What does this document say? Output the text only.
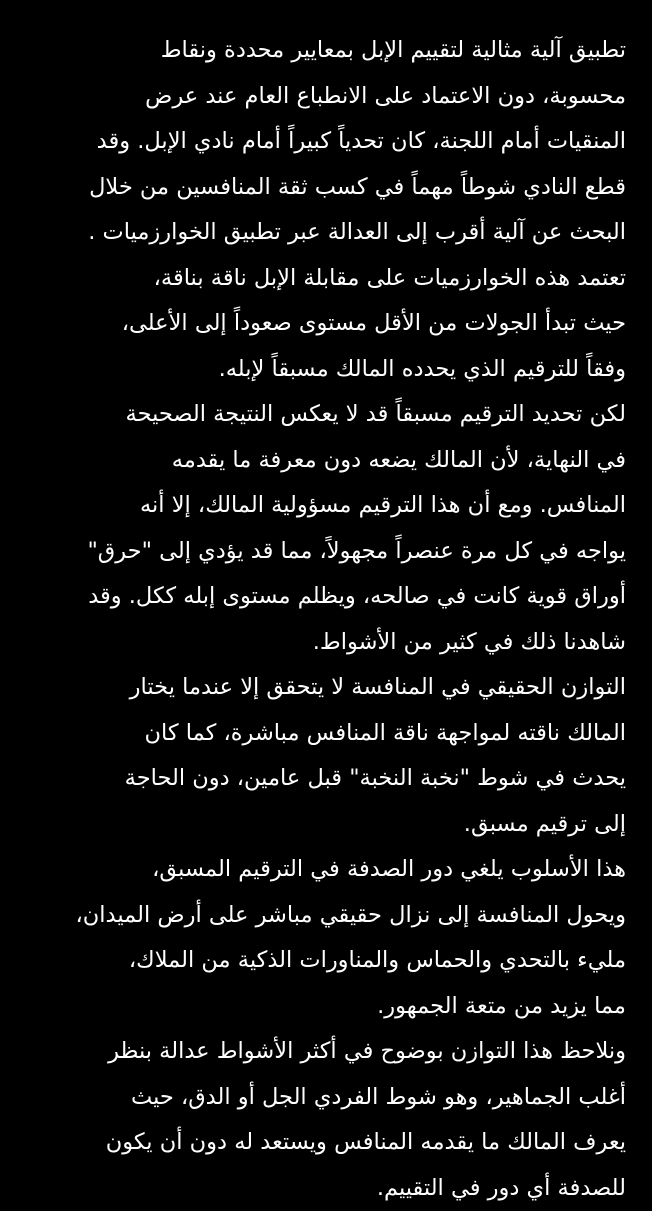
تطبيق آلية مثالية لتقييم الإبل بمعايير محددة ونقاط
محسوبة، دون الاعتماد على الانطباع العام عند عرض
المنقيات أمام اللجنة، كان تحدياً كبيراً أمام نادي الإبل. وقد
قطع النادي شوطاً مهماً في كسب ثقة المنافسين من خلال
البحث عن آلية أقرب إلى العدالة عبر تطبيق الخوارزميات .
تعتمد هذه الخوارزميات على مقابلة الإبل ناقة بناقة،
حيث تبدأ الجولات من الأقل مستوى صعوداً إلى الأعلى،
وفقاً للترقيم الذي يحدده المالك مسبقاً لإبله.
لكن تحديد الترقيم مسبقاً قد لا يعكس النتيجة الصحيحة
في النهاية، لأن المالك يضعه دون معرفة ما يقدمه
المنافس. ومع أن هذا الترقيم مسؤولية المالك، إلا أنه
يواجه في كل مرة عنصراً مجهولاً، مما قد يؤدي إلى "حرق"
أوراق قوية كانت في صالحه، ويظلم مستوى إبله ككل. وقد
شاهدنا ذلك في كثير من الأشواط.
التوازن الحقيقي في المنافسة لا يتحقق إلا عندما يختار
المالك ناقته لمواجهة ناقة المنافس مباشرة، كما كان
يحدث في شوط "نخبة النخبة" قبل عامين، دون الحاجة
إلى ترقيم مسبق.
هذا الأسلوب يلغي دور الصدفة في الترقيم المسبق،
ويحول المنافسة إلى نزال حقيقي مباشر على أرض الميدان،
مليء بالتحدي والحماس والمناورات الذكية من الملاك،
مما يزيد من متعة الجمهور.
ونلاحظ هذا التوازن بوضوح في أكثر الأشواط عدالة بنظر
أغلب الجماهير، وهو شوط الفردي الجل أو الدق، حيث
يعرف المالك ما يقدمه المنافس ويستعد له دون أن يكون
للصدفة أي دور في التقييم.
